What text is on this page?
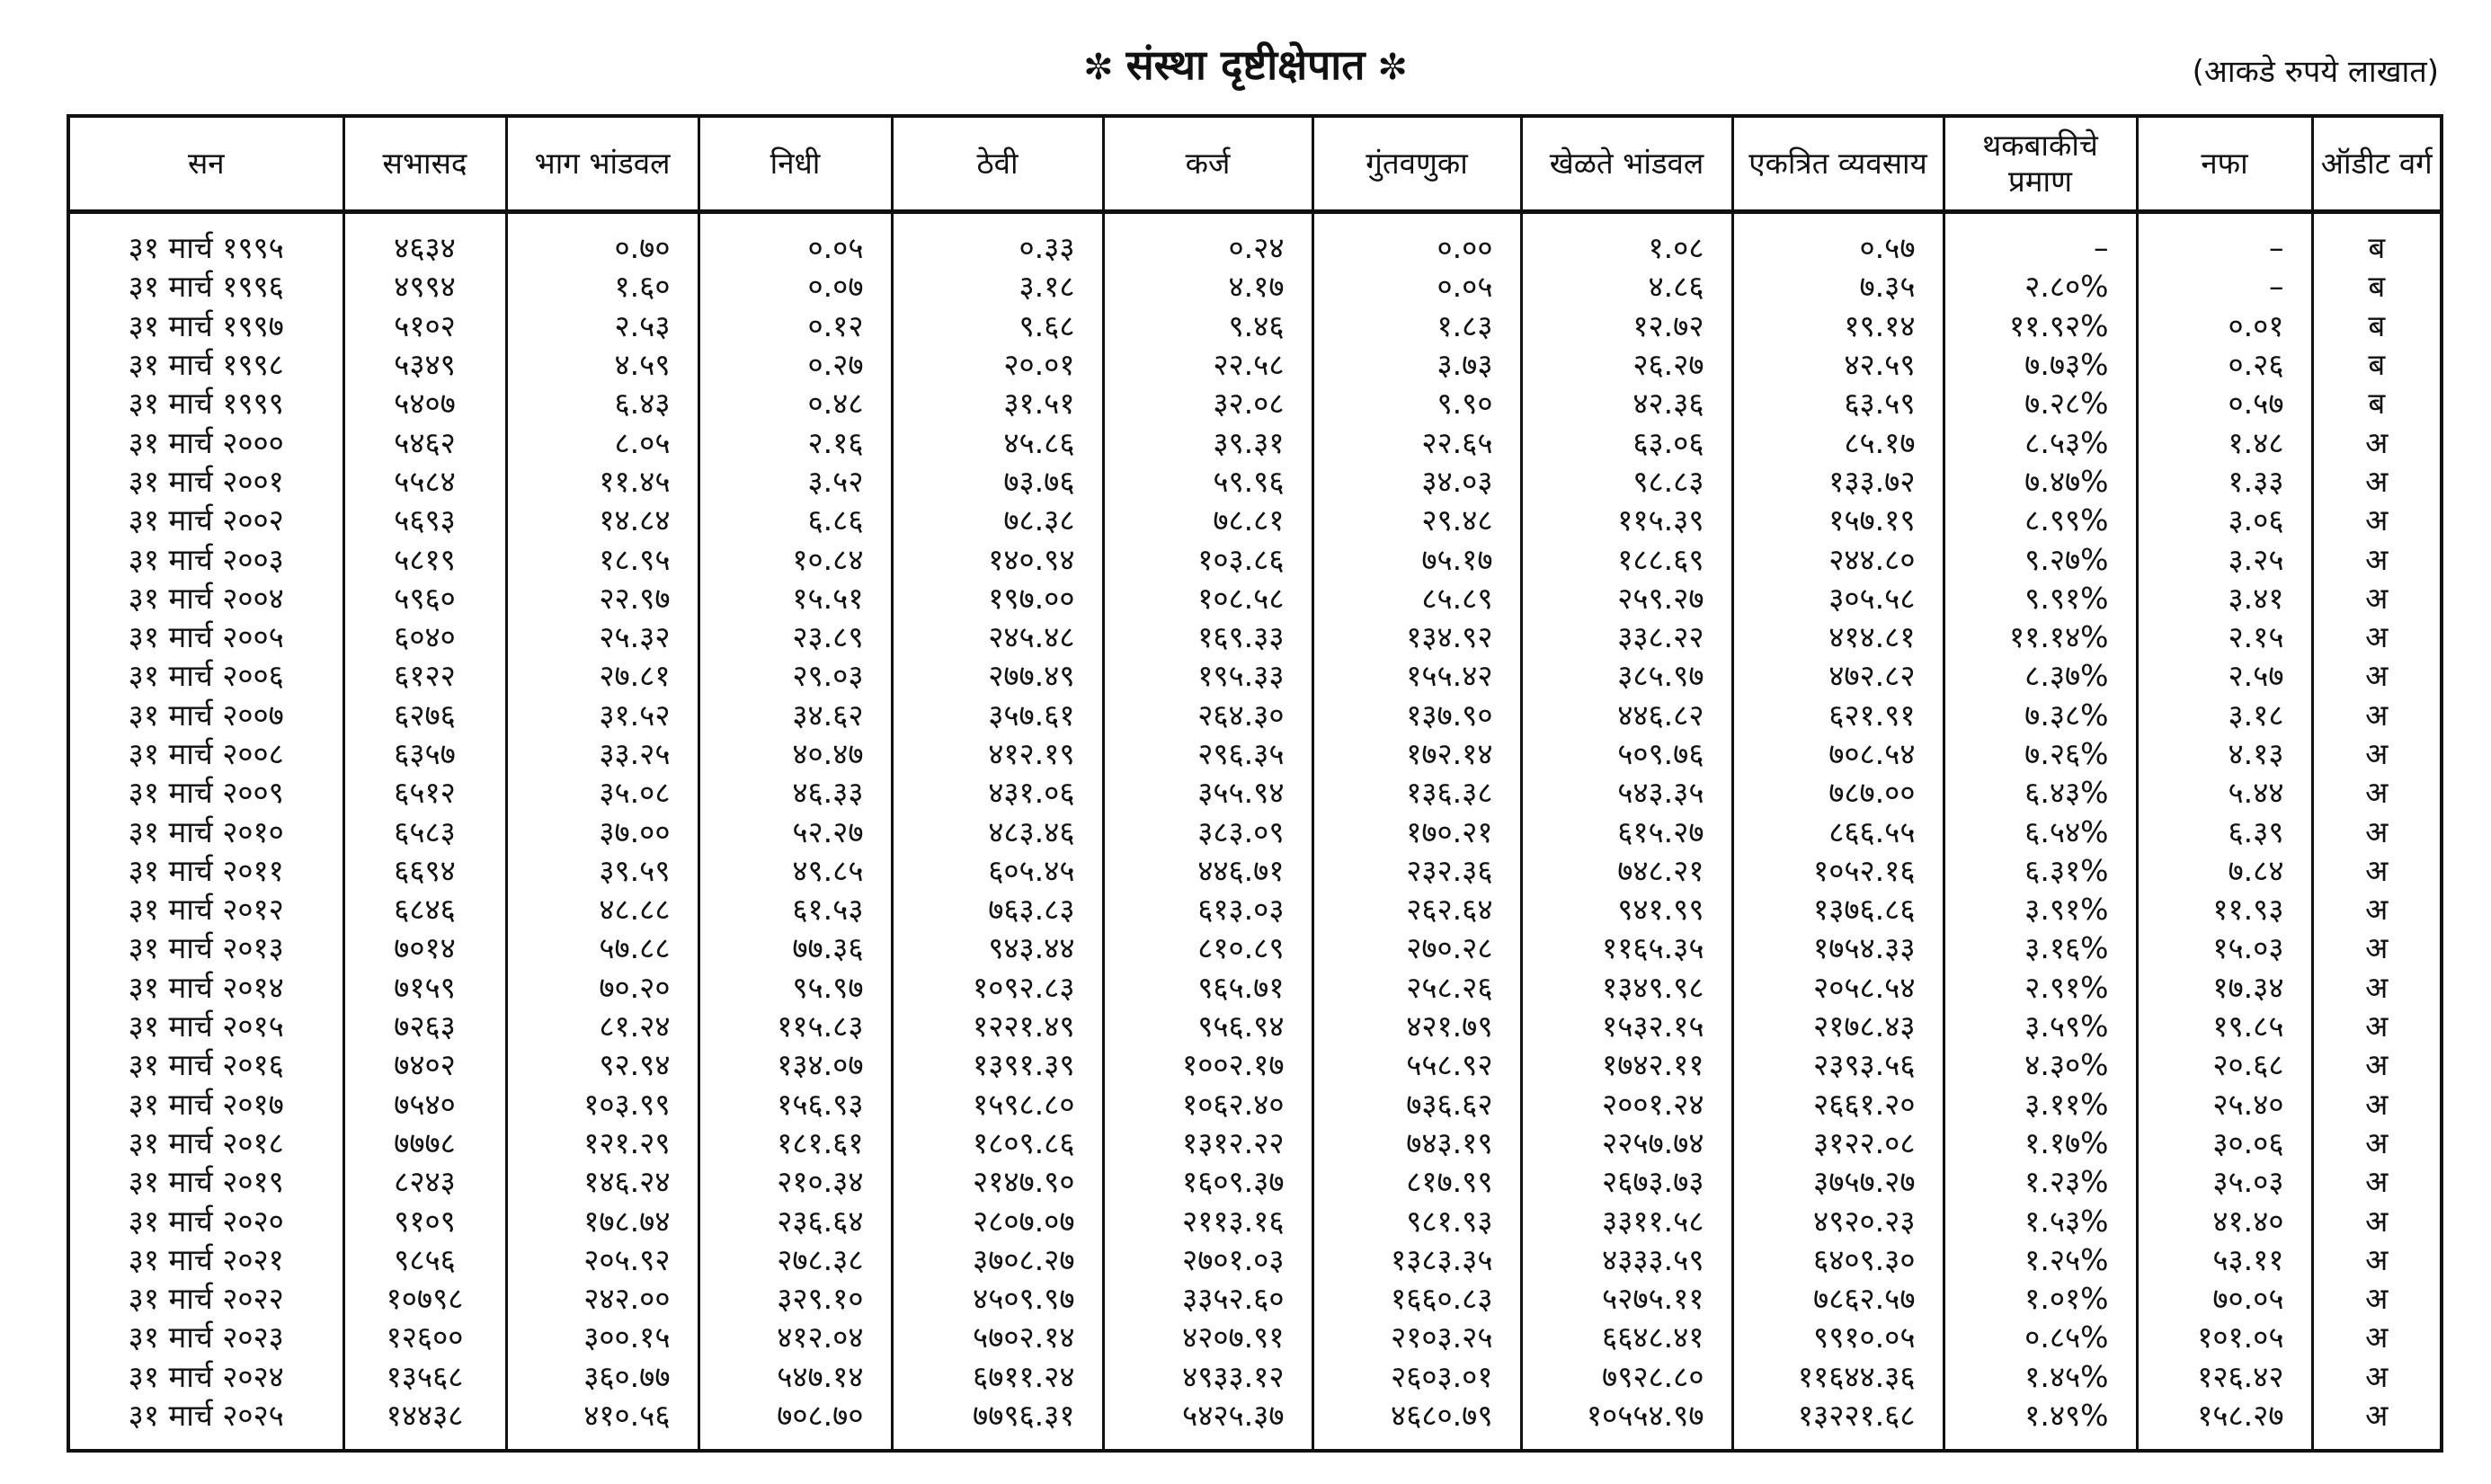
✼ संस्था दृष्टीक्षेपात ✼	(आकडे रुपये लाखात)
सन	सभासद	भाग भांडवल	निधी	ठेवी	कर्ज	गुंतवणुका	खेळते भांडवल	एकत्रित व्यवसाय	थकबाकीचे प्रमाण	नफा	ऑडीट वर्ग
३१ मार्च १९९५	४६३४	०.७०	०.०५	०.३३	०.२४	०.००	१.०८	०.५७	–	–	ब
३१ मार्च १९९६	४९९४	१.६०	०.०७	३.१८	४.१७	०.०५	४.८६	७.३५	२.८०%	–	ब
३१ मार्च १९९७	५१०२	२.५३	०.१२	९.६८	९.४६	१.८३	१२.७२	१९.१४	११.९२%	०.०१	ब
३१ मार्च १९९८	५३४९	४.५९	०.२७	२०.०१	२२.५८	३.७३	२६.२७	४२.५९	७.७३%	०.२६	ब
३१ मार्च १९९९	५४०७	६.४३	०.४८	३१.५१	३२.०८	९.९०	४२.३६	६३.५९	७.२८%	०.५७	ब
३१ मार्च २०००	५४६२	८.०५	२.१६	४५.८६	३९.३१	२२.६५	६३.०६	८५.१७	८.५३%	१.४८	अ
३१ मार्च २००१	५५८४	११.४५	३.५२	७३.७६	५९.९६	३४.०३	९८.८३	१३३.७२	७.४७%	१.३३	अ
३१ मार्च २००२	५६९३	१४.८४	६.८६	७८.३८	७८.८१	२९.४८	११५.३९	१५७.१९	८.९९%	३.०६	अ
३१ मार्च २००३	५८१९	१८.९५	१०.८४	१४०.९४	१०३.८६	७५.१७	१८८.६९	२४४.८०	९.२७%	३.२५	अ
३१ मार्च २००४	५९६०	२२.९७	१५.५१	१९७.००	१०८.५८	८५.८९	२५९.२७	३०५.५८	९.९१%	३.४१	अ
३१ मार्च २००५	६०४०	२५.३२	२३.८९	२४५.४८	१६९.३३	१३४.९२	३३८.२२	४१४.८१	११.१४%	२.१५	अ
३१ मार्च २००६	६१२२	२७.८१	२९.०३	२७७.४९	१९५.३३	१५५.४२	३८५.९७	४७२.८२	८.३७%	२.५७	अ
३१ मार्च २००७	६२७६	३१.५२	३४.६२	३५७.६१	२६४.३०	१३७.९०	४४६.८२	६२१.९१	७.३८%	३.१८	अ
३१ मार्च २००८	६३५७	३३.२५	४०.४७	४१२.१९	२९६.३५	१७२.१४	५०९.७६	७०८.५४	७.२६%	४.१३	अ
३१ मार्च २००९	६५१२	३५.०८	४६.३३	४३१.०६	३५५.९४	१३६.३८	५४३.३५	७८७.००	६.४३%	५.४४	अ
३१ मार्च २०१०	६५८३	३७.००	५२.२७	४८३.४६	३८३.०९	१७०.२१	६१५.२७	८६६.५५	६.५४%	६.३९	अ
३१ मार्च २०११	६६९४	३९.५९	४९.८५	६०५.४५	४४६.७१	२३२.३६	७४८.२१	१०५२.१६	६.३१%	७.८४	अ
३१ मार्च २०१२	६८४६	४८.८८	६१.५३	७६३.८३	६१३.०३	२६२.६४	९४१.९९	१३७६.८६	३.९१%	११.९३	अ
३१ मार्च २०१३	७०१४	५७.८८	७७.३६	९४३.४४	८१०.८९	२७०.२८	११६५.३५	१७५४.३३	३.१६%	१५.०३	अ
३१ मार्च २०१४	७१५९	७०.२०	९५.९७	१०९२.८३	९६५.७१	२५८.२६	१३४९.९८	२०५८.५४	२.९१%	१७.३४	अ
३१ मार्च २०१५	७२६३	८१.२४	११५.८३	१२२१.४९	९५६.९४	४२१.७९	१५३२.१५	२१७८.४३	३.५९%	१९.८५	अ
३१ मार्च २०१६	७४०२	९२.९४	१३४.०७	१३९१.३९	१००२.१७	५५८.९२	१७४२.११	२३९३.५६	४.३०%	२०.६८	अ
३१ मार्च २०१७	७५४०	१०३.९९	१५६.९३	१५९८.८०	१०६२.४०	७३६.६२	२००१.२४	२६६१.२०	३.११%	२५.४०	अ
३१ मार्च २०१८	७७७८	१२१.२९	१८१.६१	१८०९.८६	१३१२.२२	७४३.१९	२२५७.७४	३१२२.०८	१.१७%	३०.०६	अ
३१ मार्च २०१९	८२४३	१४६.२४	२१०.३४	२१४७.९०	१६०९.३७	८१७.९९	२६७३.७३	३७५७.२७	१.२३%	३५.०३	अ
३१ मार्च २०२०	९१०९	१७८.७४	२३६.६४	२८०७.०७	२११३.१६	९८१.९३	३३११.५८	४९२०.२३	१.५३%	४१.४०	अ
३१ मार्च २०२१	९८५६	२०५.९२	२७८.३८	३७०८.२७	२७०१.०३	१३८३.३५	४३३३.५९	६४०९.३०	१.२५%	५३.११	अ
३१ मार्च २०२२	१०७९८	२४२.००	३२९.१०	४५०९.९७	३३५२.६०	१६६०.८३	५२७५.११	७८६२.५७	१.०१%	७०.०५	अ
३१ मार्च २०२३	१२६००	३००.१५	४१२.०४	५७०२.१४	४२०७.९१	२१०३.२५	६६४८.४१	९९१०.०५	०.८५%	१०१.०५	अ
३१ मार्च २०२४	१३५६८	३६०.७७	५४७.१४	६७११.२४	४९३३.१२	२६०३.०१	७९२८.८०	११६४४.३६	१.४५%	१२६.४२	अ
३१ मार्च २०२५	१४४३८	४१०.५६	७०८.७०	७७९६.३१	५४२५.३७	४६८०.७९	१०५५४.९७	१३२२१.६८	१.४९%	१५८.२७	अ
